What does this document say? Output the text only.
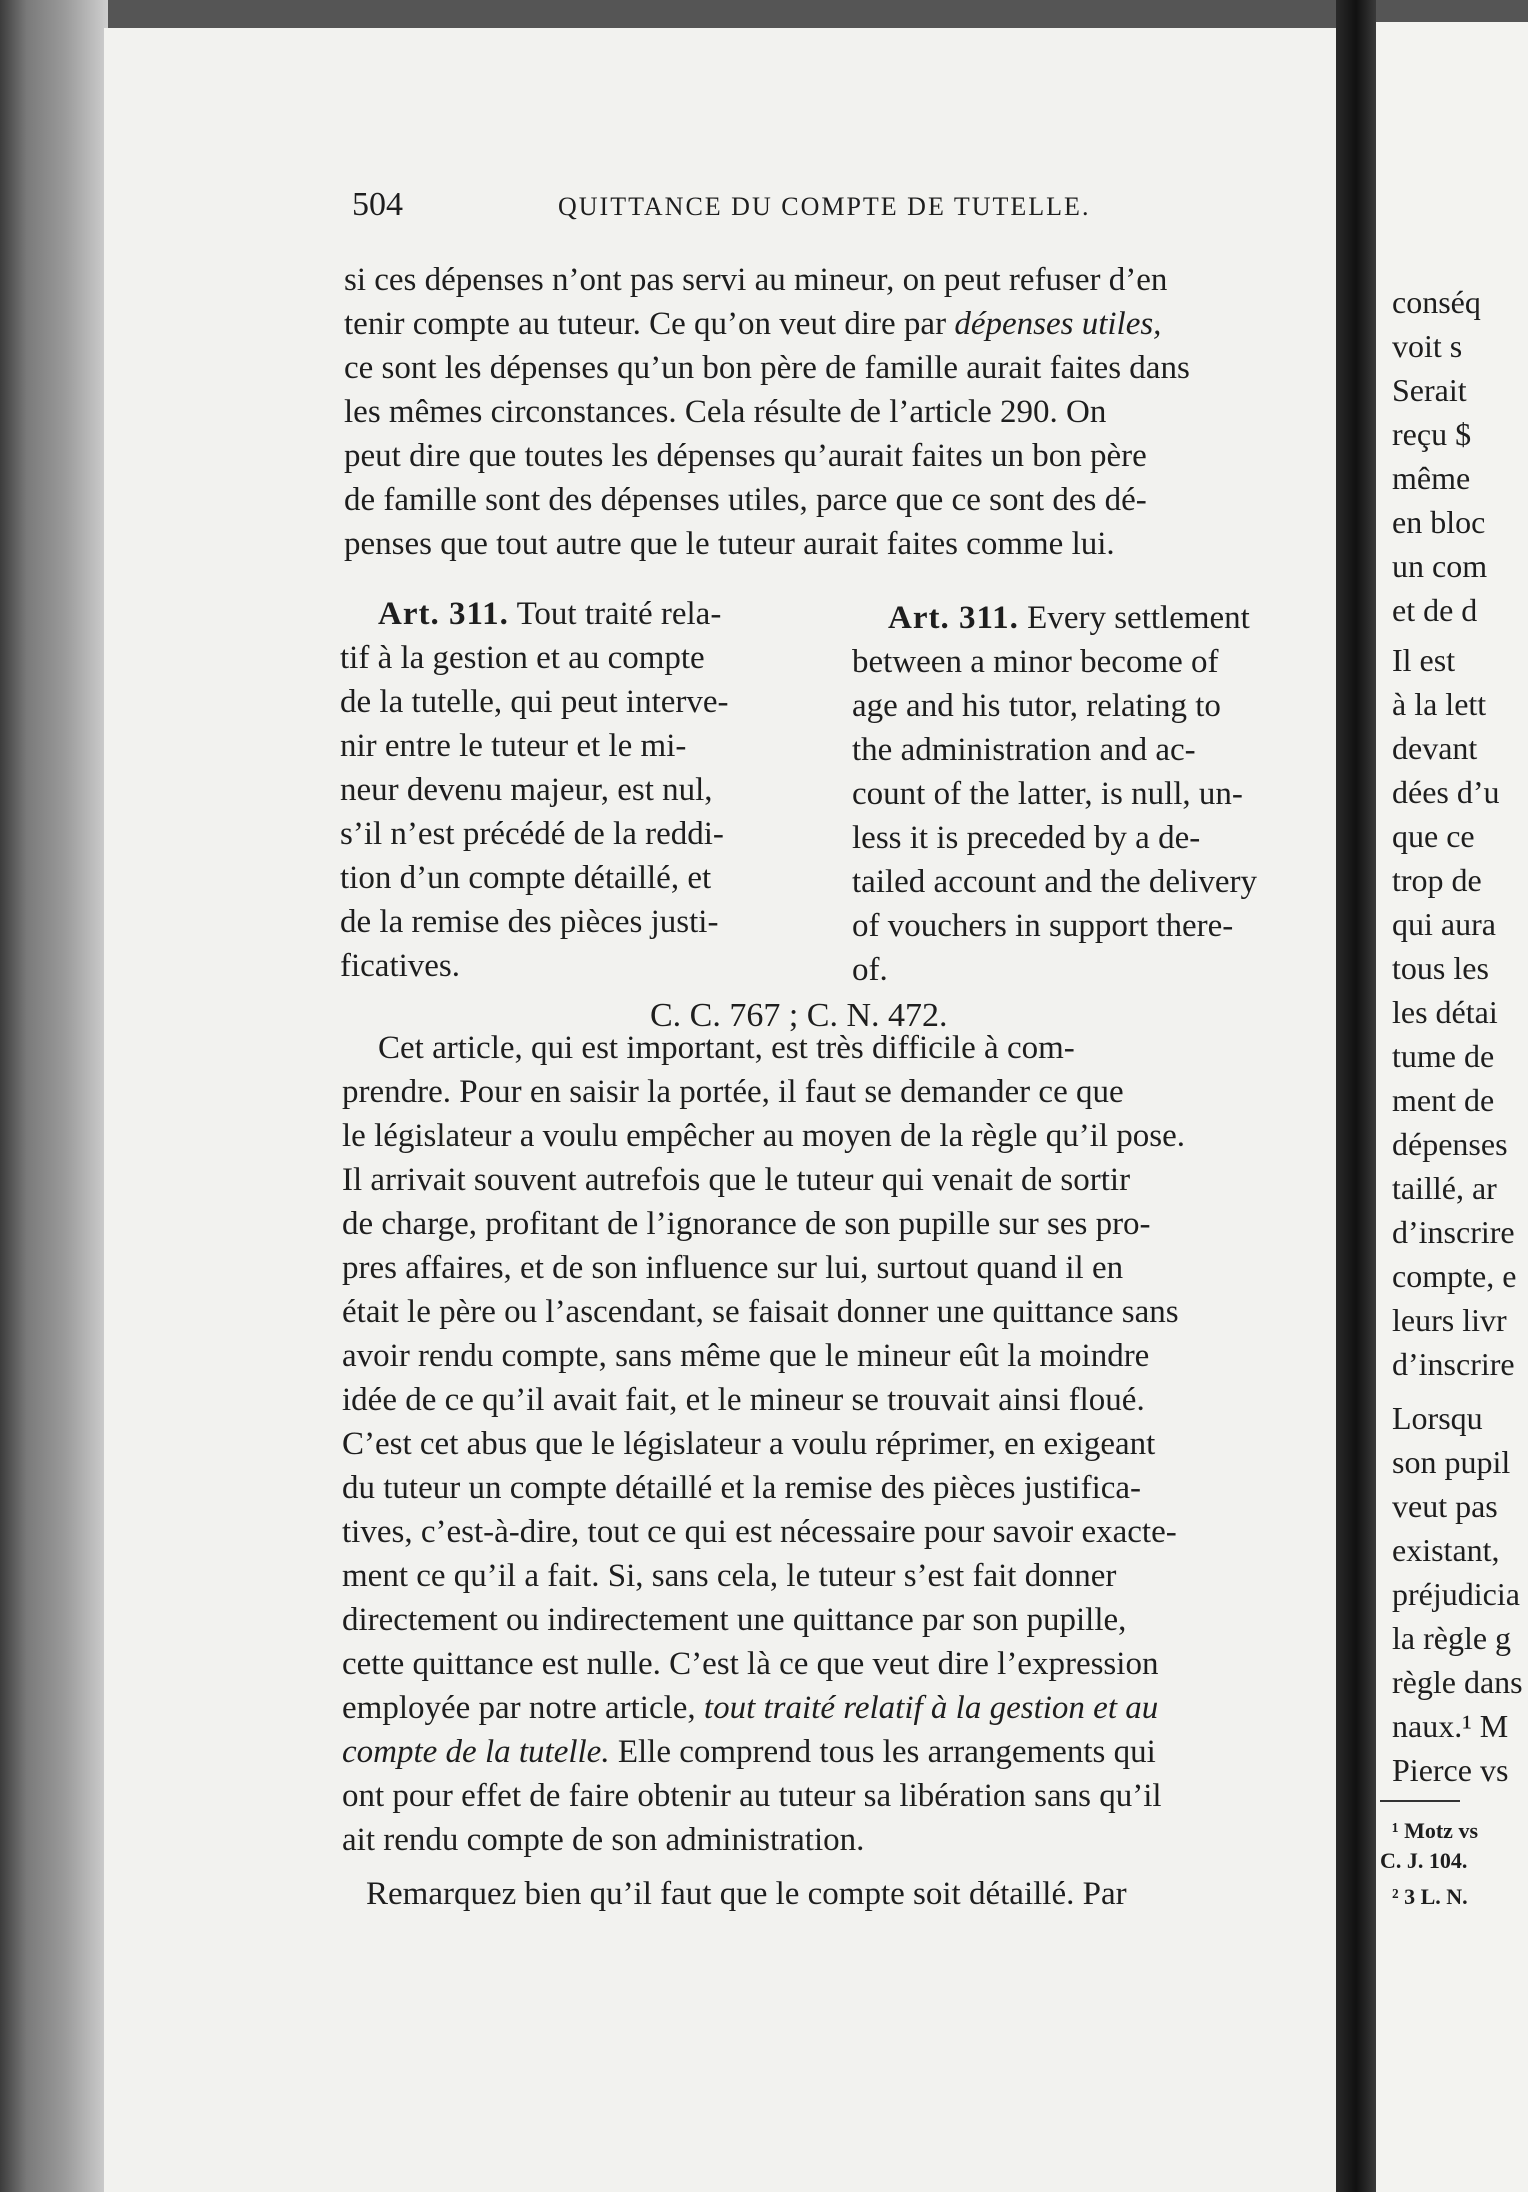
504	QUITTANCE DU COMPTE DE TUTELLE.
si ces dépenses n’ont pas servi au mineur, on peut refuser d’en
tenir compte au tuteur. Ce qu’on veut dire par dépenses utiles,
ce sont les dépenses qu’un bon père de famille aurait faites dans
les mêmes circonstances. Cela résulte de l’article 290. On
peut dire que toutes les dépenses qu’aurait faites un bon père
de famille sont des dépenses utiles, parce que ce sont des dé-
penses que tout autre que le tuteur aurait faites comme lui.
Art. 311. Tout traité rela-
tif à la gestion et au compte
de la tutelle, qui peut interve-
nir entre le tuteur et le mi-
neur devenu majeur, est nul,
s’il n’est précédé de la reddi-
tion d’un compte détaillé, et
de la remise des pièces justi-
ficatives.
Art. 311. Every settlement
between a minor become of
age and his tutor, relating to
the administration and ac-
count of the latter, is null, un-
less it is preceded by a de-
tailed account and the delivery
of vouchers in support there-
of.
C. C. 767 ; C. N. 472.
Cet article, qui est important, est très difficile à com-
prendre. Pour en saisir la portée, il faut se demander ce que
le législateur a voulu empêcher au moyen de la règle qu’il pose.
Il arrivait souvent autrefois que le tuteur qui venait de sortir
de charge, profitant de l’ignorance de son pupille sur ses pro-
pres affaires, et de son influence sur lui, surtout quand il en
était le père ou l’ascendant, se faisait donner une quittance sans
avoir rendu compte, sans même que le mineur eût la moindre
idée de ce qu’il avait fait, et le mineur se trouvait ainsi floué.
C’est cet abus que le législateur a voulu réprimer, en exigeant
du tuteur un compte détaillé et la remise des pièces justifica-
tives, c’est-à-dire, tout ce qui est nécessaire pour savoir exacte-
ment ce qu’il a fait. Si, sans cela, le tuteur s’est fait donner
directement ou indirectement une quittance par son pupille,
cette quittance est nulle. C’est là ce que veut dire l’expression
employée par notre article, tout traité relatif à la gestion et au
compte de la tutelle. Elle comprend tous les arrangements qui
ont pour effet de faire obtenir au tuteur sa libération sans qu’il
ait rendu compte de son administration.
Remarquez bien qu’il faut que le compte soit détaillé. Par
conséq
voit s
Serait
reçu $
même
en bloc
un com
et de d
Il est
à la lett
devant
dées d’u
que ce
trop de
qui aura
tous les
les détai
tume de
ment de
dépenses
taillé, ar
d’inscrire
compte, e
leurs livr
d’inscrire
Lorsqu
son pupil
veut pas
existant,
préjudicia
la règle g
règle dans
naux.¹ M
Pierce vs
¹ Motz vs
C. J. 104.
² 3 L. N.
